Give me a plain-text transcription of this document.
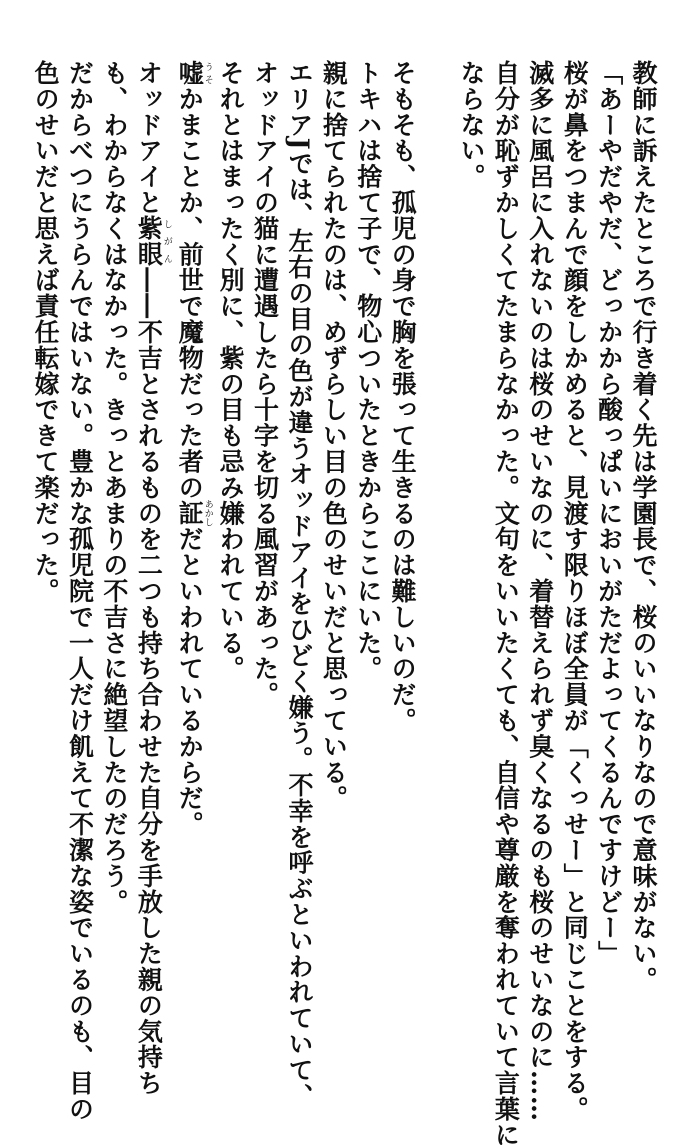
教師に訴えたところで行き着く先は学園長で、桜のいいなりなので意味がない。
「あーやだやだ、どっかから酸っぱいにおいがただよってくるんですけどー」
桜が鼻をつまんで顔をしかめると、見渡す限りほぼ全員が「くっせー」と同じことをする。
滅多に風呂に入れないのは桜のせいなのに、着替えられず臭くなるのも桜のせいなのに……
自分が恥ずかしくてたまらなかった。文句をいいたくても、自信や尊厳を奪われていて言葉に
ならない。
そもそも、孤児の身で胸を張って生きるのは難しいのだ。
トキハは捨て子で、物心ついたときからここにいた。
親に捨てられたのは、めずらしい目の色のせいだと思っている。
エリアJでは、左右の目の色が違うオッドアイをひどく嫌う。不幸を呼ぶといわれていて、
オッドアイの猫に遭遇したら十字を切る風習があった。
それとはまったく別に、紫の目も忌み嫌われている。
嘘うそかまことか、前世で魔物だった者の証あかしだといわれているからだ。
オッドアイと紫眼しがん――不吉とされるものを二つも持ち合わせた自分を手放した親の気持ち
も、わからなくはなかった。きっとあまりの不吉さに絶望したのだろう。
だからべつにうらんではいない。豊かな孤児院で一人だけ飢えて不潔な姿でいるのも、目の
色のせいだと思えば責任転嫁できて楽だった。
